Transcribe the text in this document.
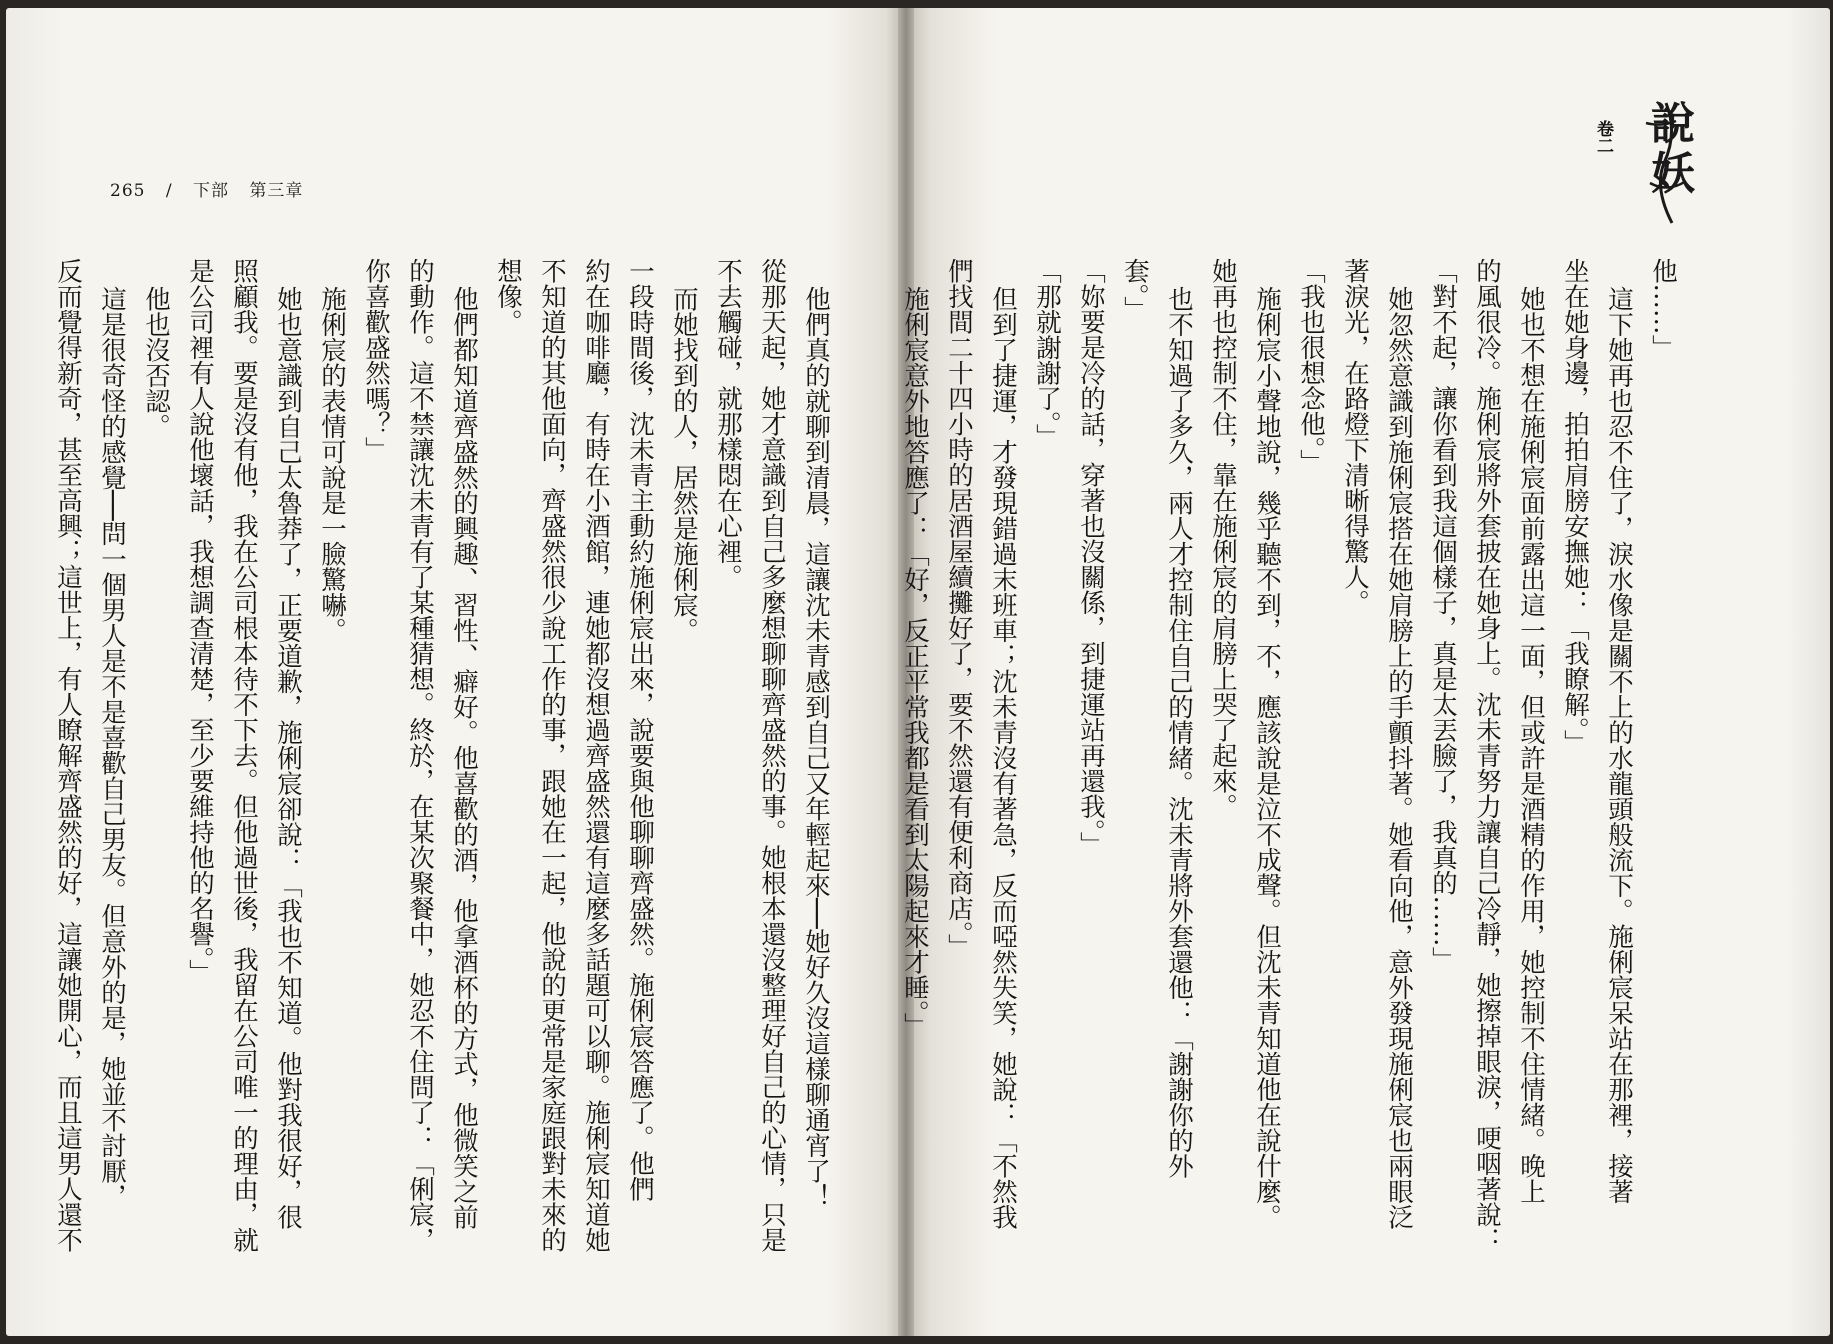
265 / 下部 第三章
他們真的就聊到清晨，這讓沈未青感到自己又年輕起來──她好久沒這樣聊通宵了！
從那天起，她才意識到自己多麼想聊聊齊盛然的事。她根本還沒整理好自己的心情，只是
不去觸碰，就那樣悶在心裡。
而她找到的人，居然是施俐宸。
一段時間後，沈未青主動約施俐宸出來，說要與他聊聊齊盛然。施俐宸答應了。他們
約在咖啡廳，有時在小酒館，連她都沒想過齊盛然還有這麼多話題可以聊。施俐宸知道她
不知道的其他面向，齊盛然很少說工作的事，跟她在一起，他說的更常是家庭跟對未來的
想像。
他們都知道齊盛然的興趣、習性、癖好。他喜歡的酒，他拿酒杯的方式，他微笑之前
的動作。這不禁讓沈未青有了某種猜想。終於，在某次聚餐中，她忍不住問了：「俐宸，
你喜歡盛然嗎？」
施俐宸的表情可說是一臉驚嚇。
她也意識到自己太魯莽了，正要道歉，施俐宸卻說：「我也不知道。他對我很好，很
照顧我。要是沒有他，我在公司根本待不下去。但他過世後，我留在公司唯一的理由，就
是公司裡有人說他壞話，我想調查清楚，至少要維持他的名譽。」
他也沒否認。
這是很奇怪的感覺──問一個男人是不是喜歡自己男友。但意外的是，她並不討厭，
反而覺得新奇，甚至高興；這世上，有人瞭解齊盛然的好，這讓她開心，而且這男人還不	他……」
這下她再也忍不住了，淚水像是關不上的水龍頭般流下。施俐宸呆站在那裡，接著
坐在她身邊，拍拍肩膀安撫她：「我瞭解。」
她也不想在施俐宸面前露出這一面，但或許是酒精的作用，她控制不住情緒。晚上
的風很冷。施俐宸將外套披在她身上。沈未青努力讓自己冷靜，她擦掉眼淚，哽咽著說：
「對不起，讓你看到我這個樣子，真是太丟臉了，我真的……」
她忽然意識到施俐宸搭在她肩膀上的手顫抖著。她看向他，意外發現施俐宸也兩眼泛
著淚光，在路燈下清晰得驚人。
「我也很想念他。」
施俐宸小聲地說，幾乎聽不到，不，應該說是泣不成聲。但沈未青知道他在說什麼。
她再也控制不住，靠在施俐宸的肩膀上哭了起來。
也不知過了多久，兩人才控制住自己的情緒。沈未青將外套還他：「謝謝你的外
套。」
「妳要是冷的話，穿著也沒關係，到捷運站再還我。」
「那就謝謝了。」
但到了捷運，才發現錯過末班車；沈未青沒有著急，反而啞然失笑，她說：「不然我
們找間二十四小時的居酒屋續攤好了，要不然還有便利商店。」
施俐宸意外地答應了：「好，反正平常我都是看到太陽起來才睡。」
說妖
卷二
